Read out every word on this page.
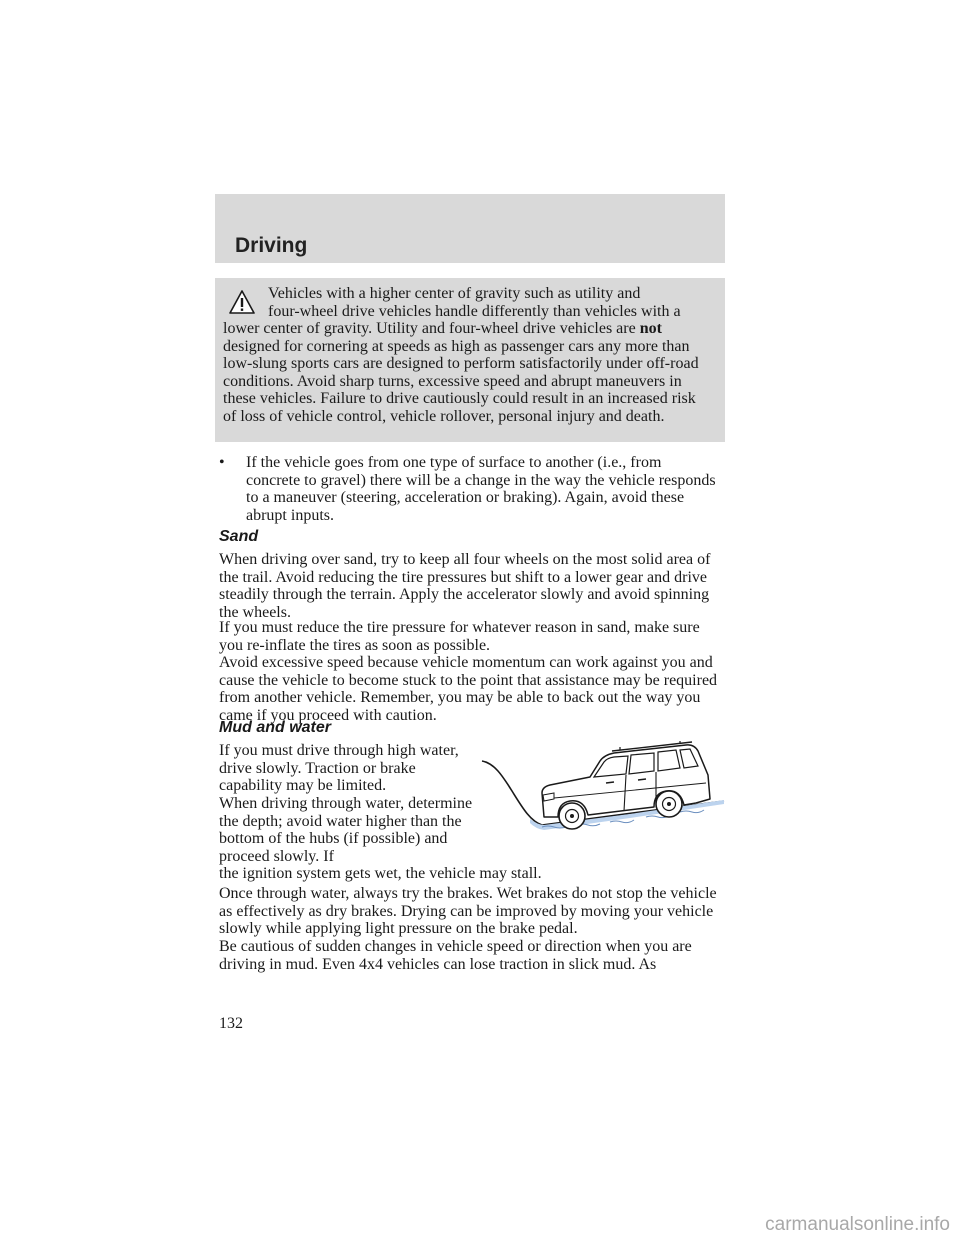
Driving

Vehicles with a higher center of gravity such as utility and
four-wheel drive vehicles handle differently than vehicles with a
lower center of gravity. Utility and four-wheel drive vehicles are not designed for cornering at speeds as high as passenger cars any more than low-slung sports cars are designed to perform satisfactorily under off-road conditions. Avoid sharp turns, excessive speed and abrupt maneuvers in these vehicles. Failure to drive cautiously could result in an increased risk of loss of vehicle control, vehicle rollover, personal injury and death.

• If the vehicle goes from one type of surface to another (i.e., from concrete to gravel) there will be a change in the way the vehicle responds to a maneuver (steering, acceleration or braking). Again, avoid these abrupt inputs.

Sand

When driving over sand, try to keep all four wheels on the most solid area of the trail. Avoid reducing the tire pressures but shift to a lower gear and drive steadily through the terrain. Apply the accelerator slowly and avoid spinning the wheels.

If you must reduce the tire pressure for whatever reason in sand, make sure you re-inflate the tires as soon as possible.

Avoid excessive speed because vehicle momentum can work against you and cause the vehicle to become stuck to the point that assistance may be required from another vehicle. Remember, you may be able to back out the way you came if you proceed with caution.

Mud and water

If you must drive through high water, drive slowly. Traction or brake capability may be limited.

When driving through water, determine the depth; avoid water higher than the bottom of the hubs (if possible) and proceed slowly. If

the ignition system gets wet, the vehicle may stall.

Once through water, always try the brakes. Wet brakes do not stop the vehicle as effectively as dry brakes. Drying can be improved by moving your vehicle slowly while applying light pressure on the brake pedal.

Be cautious of sudden changes in vehicle speed or direction when you are driving in mud. Even 4x4 vehicles can lose traction in slick mud. As

132

carmanualsonline.info
